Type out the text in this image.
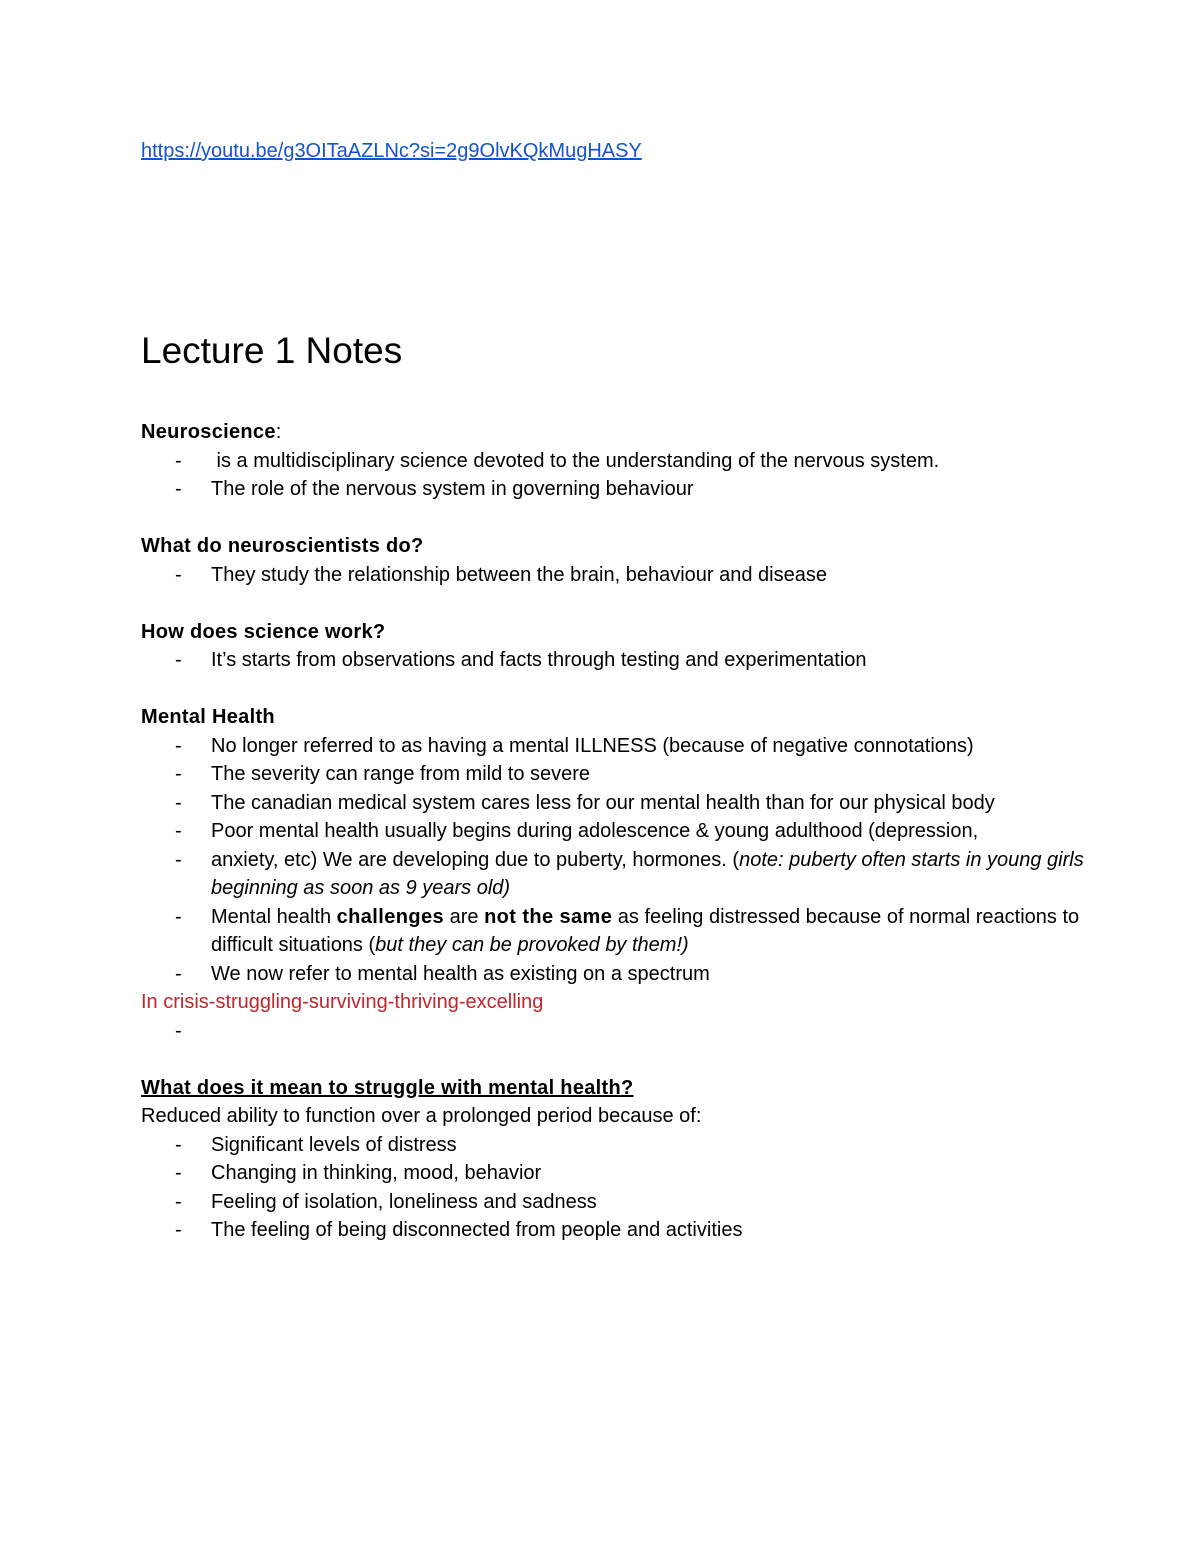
https://youtu.be/g3OITaAZLNc?si=2g9OlvKQkMugHASY
Lecture 1 Notes
Neuroscience:
- is a multidisciplinary science devoted to the understanding of the nervous system.
- The role of the nervous system in governing behaviour
What do neuroscientists do?
- They study the relationship between the brain, behaviour and disease
How does science work?
- It’s starts from observations and facts through testing and experimentation
Mental Health
- No longer referred to as having a mental ILLNESS (because of negative connotations)
- The severity can range from mild to severe
- The canadian medical system cares less for our mental health than for our physical body
- Poor mental health usually begins during adolescence & young adulthood (depression,
- anxiety, etc) We are developing due to puberty, hormones. (note: puberty often starts in young girls beginning as soon as 9 years old)
- Mental health challenges are not the same as feeling distressed because of normal reactions to difficult situations (but they can be provoked by them!)
- We now refer to mental health as existing on a spectrum
In crisis-struggling-surviving-thriving-excelling
-

What does it mean to struggle with mental health?
Reduced ability to function over a prolonged period because of:
- Significant levels of distress
- Changing in thinking, mood, behavior
- Feeling of isolation, loneliness and sadness
- The feeling of being disconnected from people and activities
